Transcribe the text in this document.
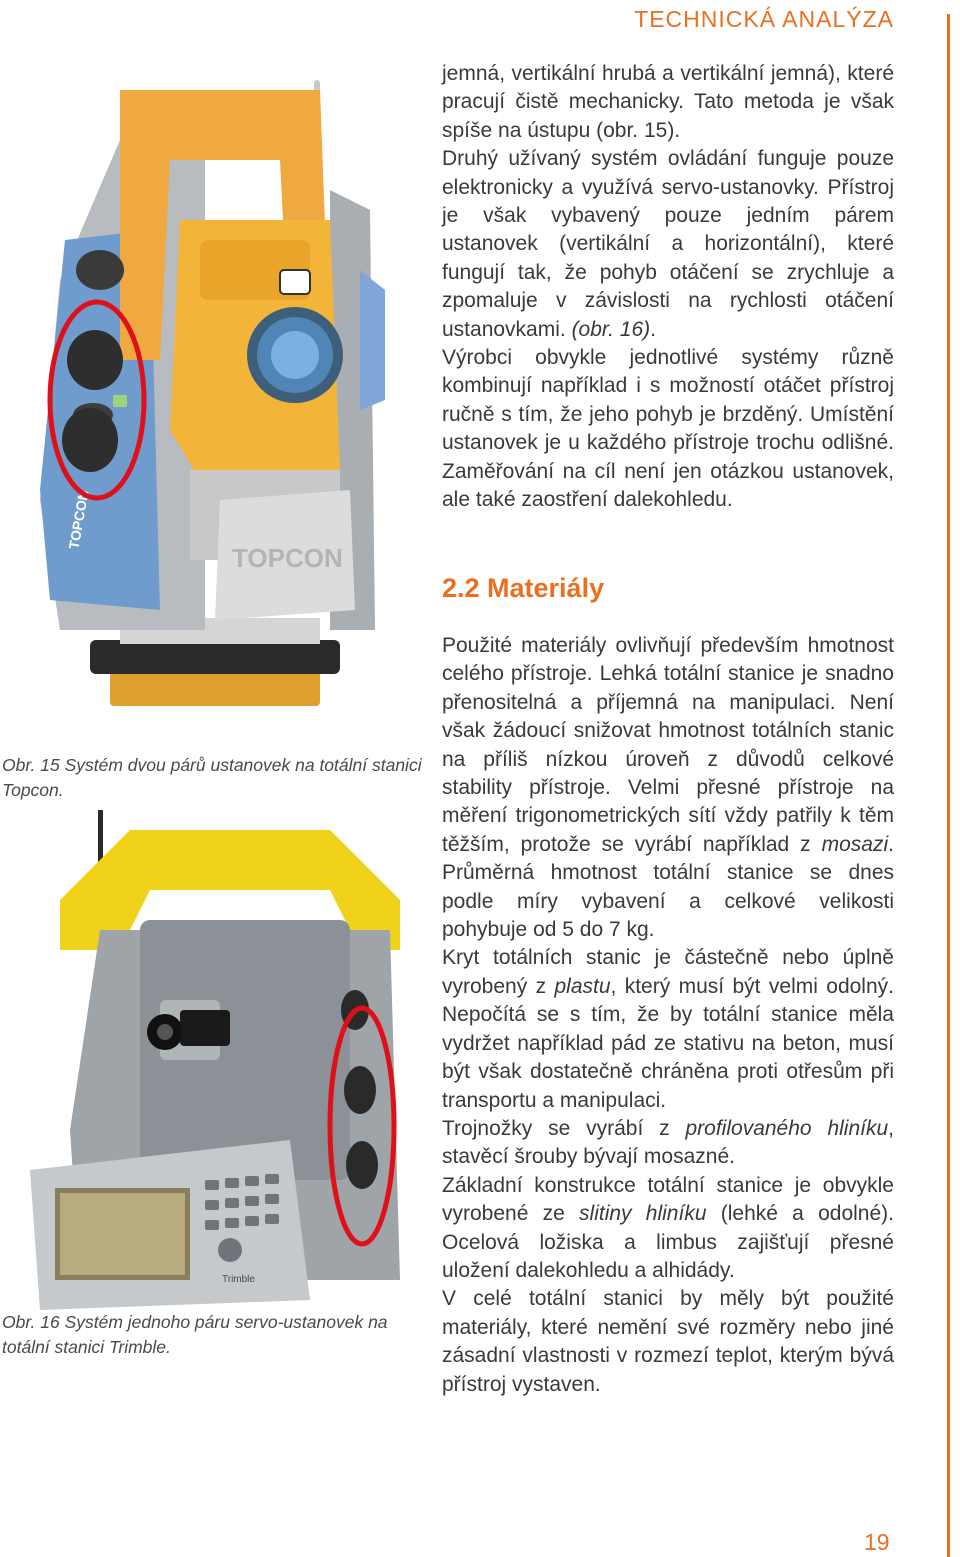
TECHNICKÁ ANALÝZA
TOPCON
TOPCON
Obr. 15 Systém dvou párů ustanovek na totální stanici Topcon.
Trimble
Obr. 16 Systém jednoho páru servo-ustanovek na totální stanici Trimble.

jemná, vertikální hrubá a vertikální jemná), které pracují čistě mechanicky. Tato metoda je však spíše na ústupu (obr. 15).

Druhý užívaný systém ovládání funguje pouze elektronicky a využívá servo-ustanovky. Přístroj je však vybavený pouze jedním párem ustanovek (vertikální a horizontální), které fungují tak, že pohyb otáčení se zrychluje a zpomaluje v závislosti na rychlosti otáčení ustanovkami. (obr. 16).

Výrobci obvykle jednotlivé systémy různě kombinují například i s možností otáčet přístroj ručně s tím, že jeho pohyb je brzděný. Umístění ustanovek je u každého přístroje trochu odlišné. Zaměřování na cíl není jen otázkou ustanovek, ale také zaostření dalekohledu.

2.2 Materiály

Použité materiály ovlivňují především hmotnost celého přístroje. Lehká totální stanice je snadno přenositelná a příjemná na manipulaci. Není však žádoucí snižovat hmotnost totálních stanic na příliš nízkou úroveň z důvodů celkové stability přístroje. Velmi přesné přístroje na měření trigonometrických sítí vždy patřily k těm těžším, protože se vyrábí například z mosazi. Průměrná hmotnost totální stanice se dnes podle míry vybavení a celkové velikosti pohybuje od 5 do 7 kg.

Kryt totálních stanic je částečně nebo úplně vyrobený z plastu, který musí být velmi odolný. Nepočítá se s tím, že by totální stanice měla vydržet například pád ze stativu na beton, musí být však dostatečně chráněna proti otřesům při transportu a manipulaci.

Trojnožky se vyrábí z profilovaného hliníku, stavěcí šrouby bývají mosazné.

Základní konstrukce totální stanice je obvykle vyrobené ze slitiny hliníku (lehké a odolné). Ocelová ložiska a limbus zajišťují přesné uložení dalekohledu a alhidády.

V celé totální stanici by měly být použité materiály, které nemění své rozměry nebo jiné zásadní vlastnosti v rozmezí teplot, kterým bývá přístroj vystaven.

19
